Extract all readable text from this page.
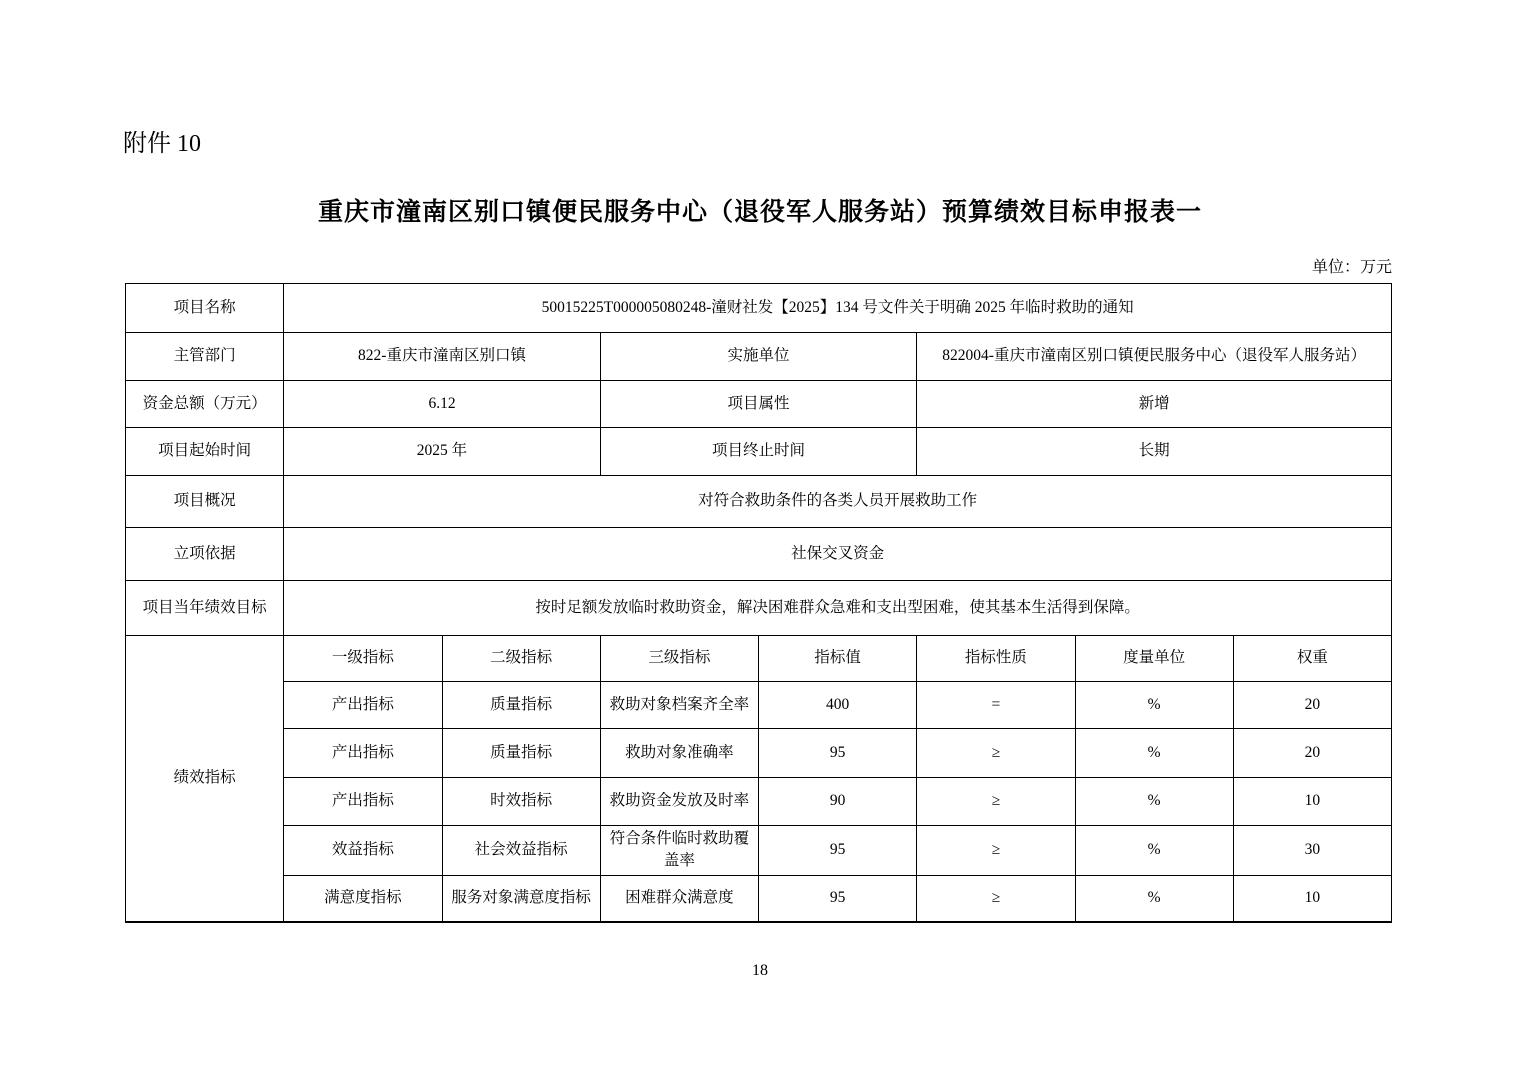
附件 10
重庆市潼南区别口镇便民服务中心（退役军人服务站）预算绩效目标申报表一
单位：万元
项目名称	50015225T000005080248-潼财社发【2025】134 号文件关于明确 2025 年临时救助的通知						
主管部门	822-重庆市潼南区别口镇		实施单位		822004-重庆市潼南区别口镇便民服务中心（退役军人服务站）		
资金总额（万元）	6.12		项目属性		新增		
项目起始时间	2025 年		项目终止时间		长期		
项目概况	对符合救助条件的各类人员开展救助工作						
立项依据	社保交叉资金						
项目当年绩效目标	按时足额发放临时救助资金，解决困难群众急难和支出型困难，使其基本生活得到保障。						
绩效指标	一级指标	二级指标	三级指标	指标值	指标性质	度量单位	权重
	产出指标	质量指标	救助对象档案齐全率	400	=	%	20
	产出指标	质量指标	救助对象准确率	95	≥	%	20
	产出指标	时效指标	救助资金发放及时率	90	≥	%	10
	效益指标	社会效益指标	符合条件临时救助覆盖率	95	≥	%	30
	满意度指标	服务对象满意度指标	困难群众满意度	95	≥	%	10
18
